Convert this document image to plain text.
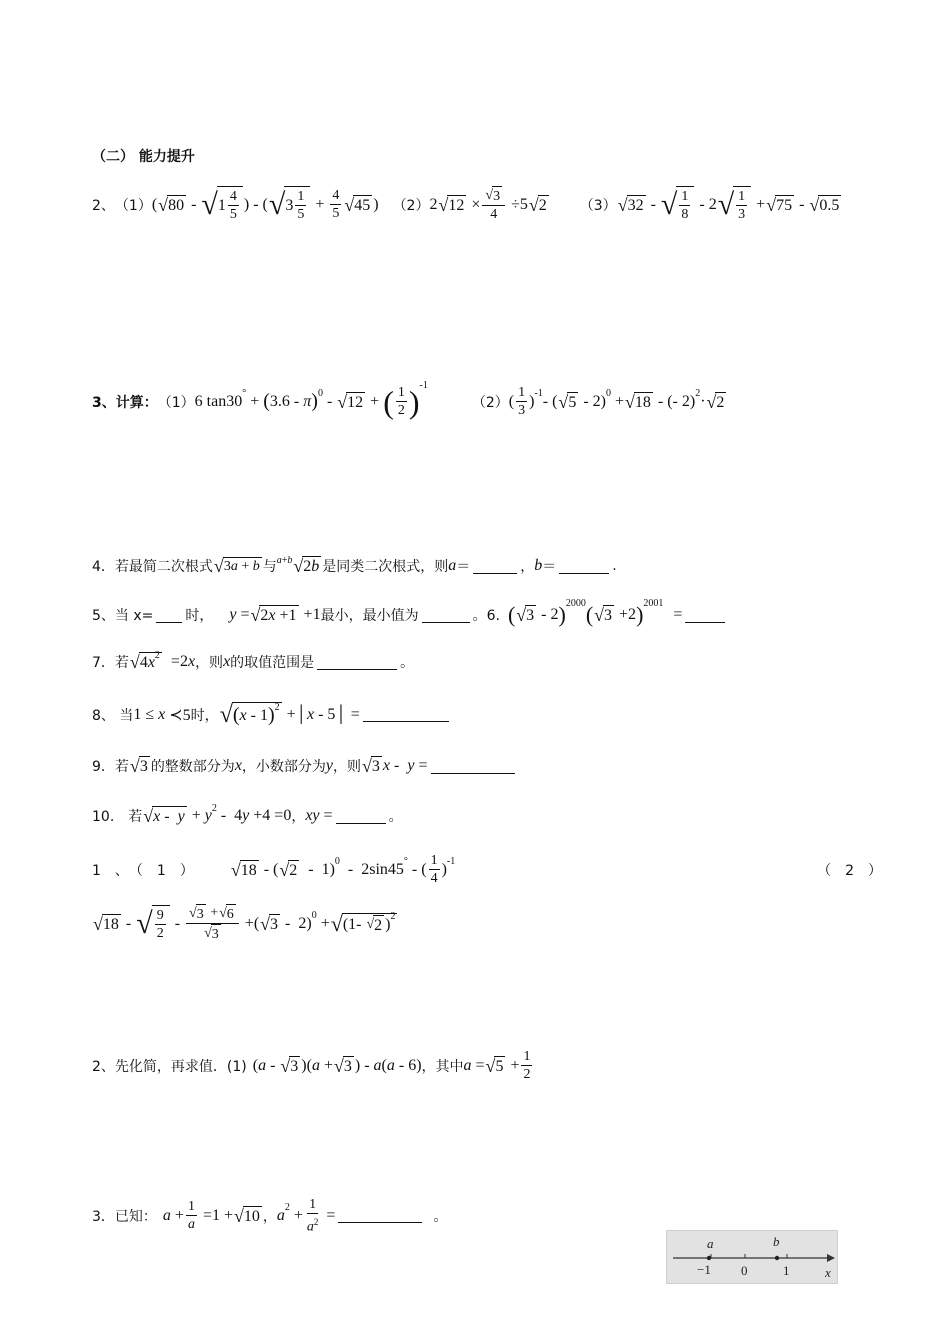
（二） 能力提升
2、 （1） ( √ 80 - √ $1 \frac{4}{5}$ ) - ( √ $3 \frac{1}{5} + \frac{4}{5}$ √ 45 ) （2） 2 √ $12 \times \frac{√ 3}{4} \div 5$ √ 2 （3） √ 32 - √ $\frac{1}{8} - 2$ √ $\frac{1}{3}$ + √ 75 - √ 0.5
3、计算： （1） 6 tan30 ° + ( 3.6 - π ) 0 - √ 12 + ( $\frac{1}{2}$ ) -1
（2） ( $\frac{1}{3}$ ) -1 - ( √ 5 - 2) 0 + √ 18 - (- 2) 2 · √ 2
4．若最简二次根式 √ 3 a + b 与 a+b √ 2 b 是同类二次根式，则 a ＝	， b ＝	.
5、当 x= 时， y = √ 2 x +1 +1 最小，最小值为	。6. ( √ 3 - 2 ) 2000 ( √ 3 +2 ) 2001
=
7．若 √ 4 x 2 =2 x ，则 x 的取值范围是	。
8、 当 1 ≤ x ≺5 时， √ ( x - 1 ) 2 +│ x - 5│ =
9．若 √ 3 的整数部分为 x ，小数部分为 y ，则 √ 3 x - y =
10.　若 √ x - y + y 2 -  4 y +4 =0 ， xy =	。
1　、　（　1　） √ 18 - ( √ 2 -  1) 0 -  2sin45 ° - ( $\frac{1}{4}$ ) -1
（　2　）
√ 18 - √ $\frac{9}{2} - \frac{√ 3 + √ 6}{√ 3}$ +( √ 3 -  2) 0 + √ (1- √ 2 ) 2
2、先化简，再求值．(1) ( a - √ 3 )( a + √ 3 ) - a ( a - 6) ，其中 a = √ $5 + \frac{1}{2}$
3．已知： $a + \frac{1}{a} =1$ + √ 10 ， a $2 + \frac{1}{a^2}$ =	。
a	b
−1 0	1	x
